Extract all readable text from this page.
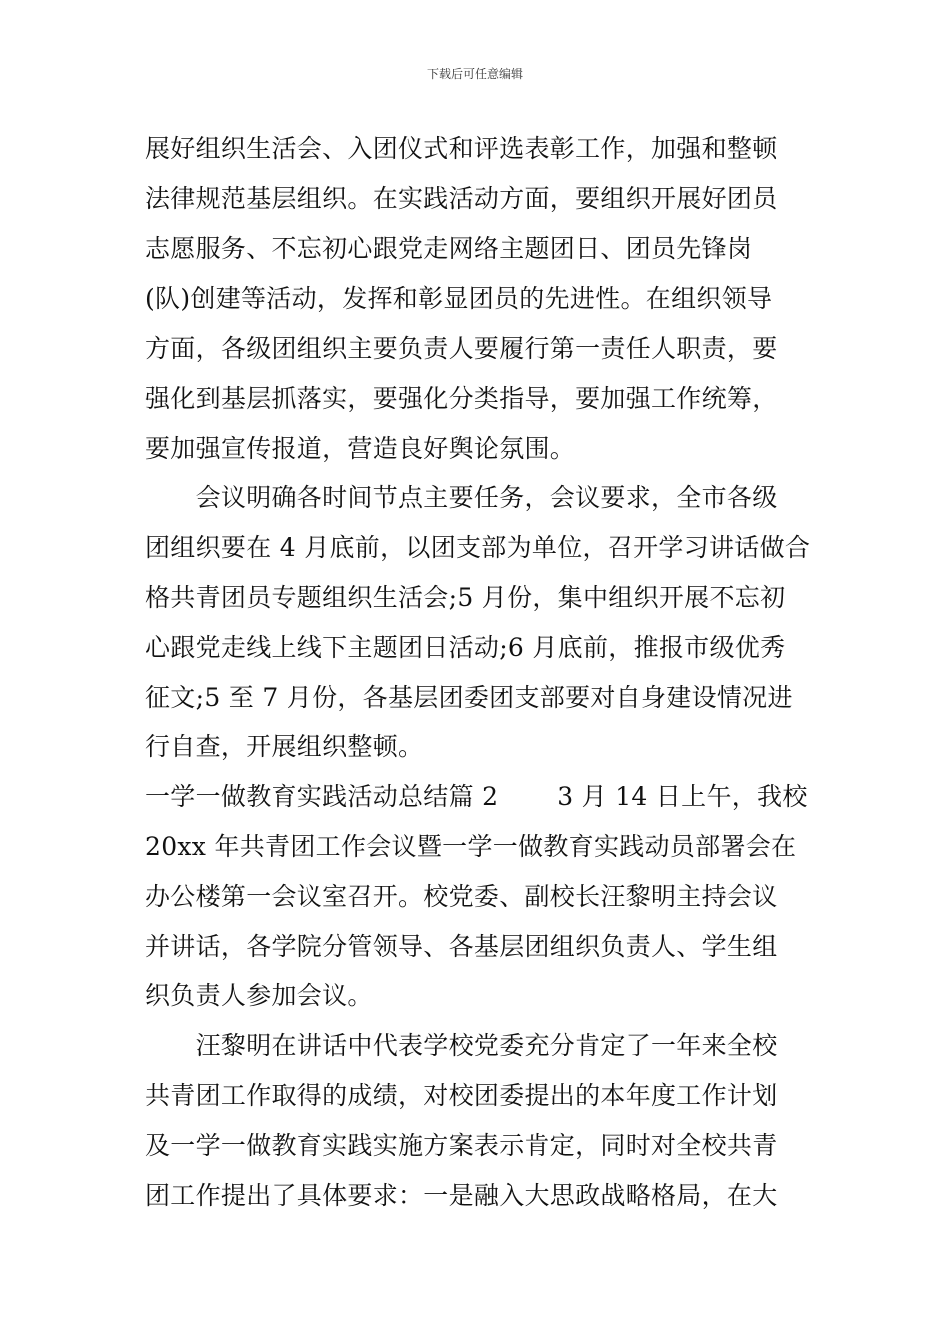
下载后可任意编辑
展好组织生活会、入团仪式和评选表彰工作，加强和整顿
法律规范基层组织。在实践活动方面，要组织开展好团员
志愿服务、不忘初心跟党走网络主题团日、团员先锋岗
(队)创建等活动，发挥和彰显团员的先进性。在组织领导
方面，各级团组织主要负责人要履行第一责任人职责，要
强化到基层抓落实，要强化分类指导，要加强工作统筹，
要加强宣传报道，营造良好舆论氛围。
　　会议明确各时间节点主要任务，会议要求，全市各级
团组织要在 4 月底前，以团支部为单位，召开学习讲话做合
格共青团员专题组织生活会;5 月份，集中组织开展不忘初
心跟党走线上线下主题团日活动;6 月底前，推报市级优秀
征文;5 至 7 月份，各基层团委团支部要对自身建设情况进
行自查，开展组织整顿。
一学一做教育实践活动总结篇 2　　 3 月 14 日上午，我校
20xx 年共青团工作会议暨一学一做教育实践动员部署会在
办公楼第一会议室召开。校党委、副校长汪黎明主持会议
并讲话，各学院分管领导、各基层团组织负责人、学生组
织负责人参加会议。
　　汪黎明在讲话中代表学校党委充分肯定了一年来全校
共青团工作取得的成绩，对校团委提出的本年度工作计划
及一学一做教育实践实施方案表示肯定，同时对全校共青
团工作提出了具体要求：一是融入大思政战略格局，在大
